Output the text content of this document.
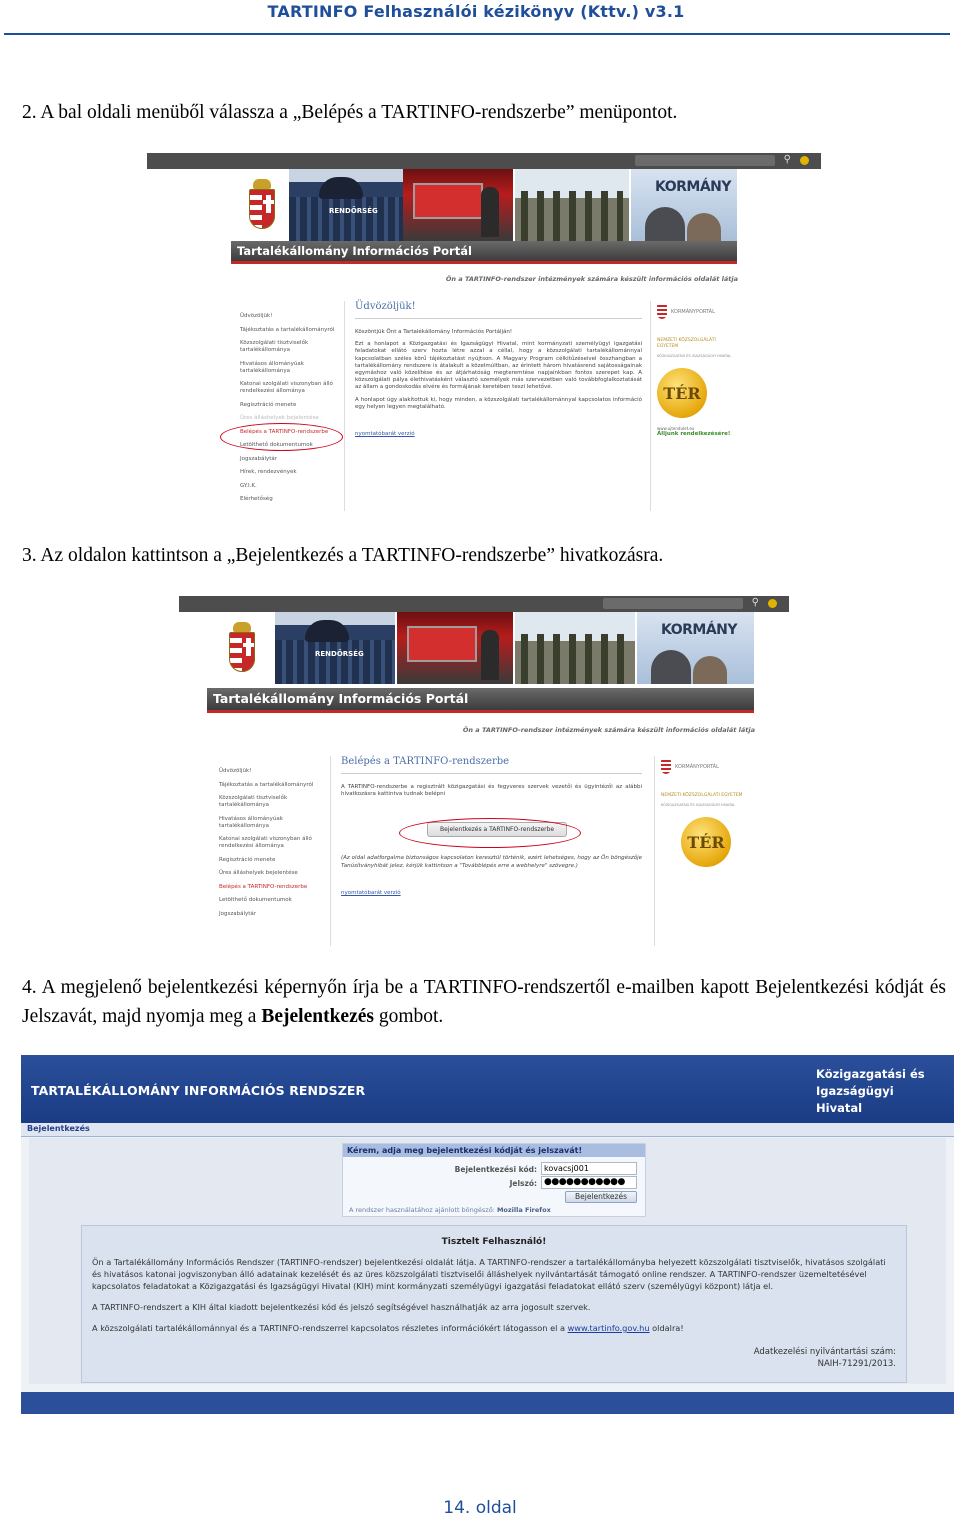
TARTINFO Felhasználói kézikönyv (Kttv.) v3.1
2. A bal oldali menüből válassza a „Belépés a TARTINFO-rendszerbe” menüpontot.
⚲
RENDŐRSÉG
KORMÁNY
Tartalékállomány Információs Portál
Ön a TARTINFO-rendszer intézmények számára készült információs oldalát látja
Üdvözöljük!
Tájékoztatás a tartalékállományról
Közszolgálati tisztviselők tartalékállománya
Hivatásos állományúak tartalékállománya
Katonai szolgálati viszonyban álló rendelkezési állománya
Regisztráció menete
Üres álláshelyek bejelentése
Belépés a TARTINFO-rendszerbe
Letölthető dokumentumok
Jogszabálytár
Hírek, rendezvények
GY.I.K.
Elérhetőség
Üdvözöljük!

Köszöntjük Önt a Tartalékállomány Információs Portálján!

Ezt a honlapot a Közigazgatási és Igazságügyi Hivatal, mint kormányzati személyügyi igazgatási feladatokat ellátó szerv hozta létre azzal a céllal, hogy a közszolgálati tartalékállománnyal kapcsolatban széles körű tájékoztatást nyújtson. A Magyary Program célkitűzéseivel összhangban a tartalékállomány rendszere is átalakult a közelmúltban, az érintett három hivatásrend sajátosságainak egymáshoz való közelítése és az átjárhatóság megteremtése napjainkban fontos szerepet kap. A közszolgálati pálya élethivatásként választó személyek más szervezetben való továbbfoglalkoztatását az állam a gondoskodás elvére és formájának keretében teszi lehetővé.

A honlapot úgy alakítottuk ki, hogy minden, a közszolgálati tartalékállománnyal kapcsolatos információ egy helyen legyen megtalálható.

nyomtatóbarát verzió
KORMÁNYPORTÁL
NEMZETI KÖZSZOLGÁLATI EGYETEM
KÖZIGAZGATÁSI ÉS IGAZSÁGÜGYI HIVATAL
TÉR
www.ujtendulet.eu
Álljunk rendelkezésére!
3. Az oldalon kattintson a „Bejelentkezés a TARTINFO-rendszerbe” hivatkozásra.
⚲
RENDŐRSÉG
KORMÁNY
Tartalékállomány Információs Portál
Ön a TARTINFO-rendszer intézmények számára készült információs oldalát látja
Üdvözöljük!
Tájékoztatás a tartalékállományról
Közszolgálati tisztviselők tartalékállománya
Hivatásos állományúak tartalékállománya
Katonai szolgálati viszonyban álló rendelkezési állománya
Regisztráció menete
Üres álláshelyek bejelentése
Belépés a TARTINFO-rendszerbe
Letölthető dokumentumok
Jogszabálytár
Belépés a TARTINFO-rendszerbe

A TARTINFO-rendszerbe a regisztrált közigazgatási és fegyveres szervek vezetői és ügyintézői az alábbi hivatkozásra kattintva tudnak belépni

Bejelentkezés a TARTINFO-rendszerbe

(Az oldal adatforgalma biztonságos kapcsolaton keresztül történik, ezért lehetséges, hogy az Ön böngészője Tanúsítványhibát jelez, kérjük kattintson a "Továbblépés erre a webhelyre" szövegre.)

nyomtatóbarát verzió
KORMÁNYPORTÁL
NEMZETI KÖZSZOLGÁLATI EGYETEM
KÖZIGAZGATÁSI ÉS IGAZSÁGÜGYI HIVATAL
TÉR
4. A megjelenő bejelentkezési képernyőn írja be a TARTINFO-rendszertől e-mailben kapott Bejelentkezési kódját és Jelszavát, majd nyomja meg a Bejelentkezés gombot.
TARTALÉKÁLLOMÁNY INFORMÁCIÓS RENDSZER
Közigazgatási és Igazságügyi Hivatal
Bejelentkezés
Kérem, adja meg bejelentkezési kódját és jelszavát!
Bejelentkezési kód: kovacsj001
Jelszó: ●●●●●●●●●●●
Bejelentkezés
A rendszer használatához ajánlott böngésző: Mozilla Firefox
Tisztelt Felhasználó!

Ön a Tartalékállomány Információs Rendszer (TARTINFO-rendszer) bejelentkezési oldalát látja. A TARTINFO-rendszer a tartalékállományba helyezett közszolgálati tisztviselők, hivatásos szolgálati és hivatásos katonai jogviszonyban álló adatainak kezelését és az üres közszolgálati tisztviselői álláshelyek nyilvántartását támogató online rendszer. A TARTINFO-rendszer üzemeltetésével kapcsolatos feladatokat a Közigazgatási és Igazságügyi Hivatal (KIH) mint kormányzati személyügyi igazgatási feladatokat ellátó szerv (személyügyi központ) látja el.

A TARTINFO-rendszert a KIH által kiadott bejelentkezési kód és jelszó segítségével használhatják az arra jogosult szervek.

A közszolgálati tartalékállománnyal és a TARTINFO-rendszerrel kapcsolatos részletes információkért látogasson el a www.tartinfo.gov.hu oldalra!

Adatkezelési nyilvántartási szám:
NAIH-71291/2013.
14. oldal
